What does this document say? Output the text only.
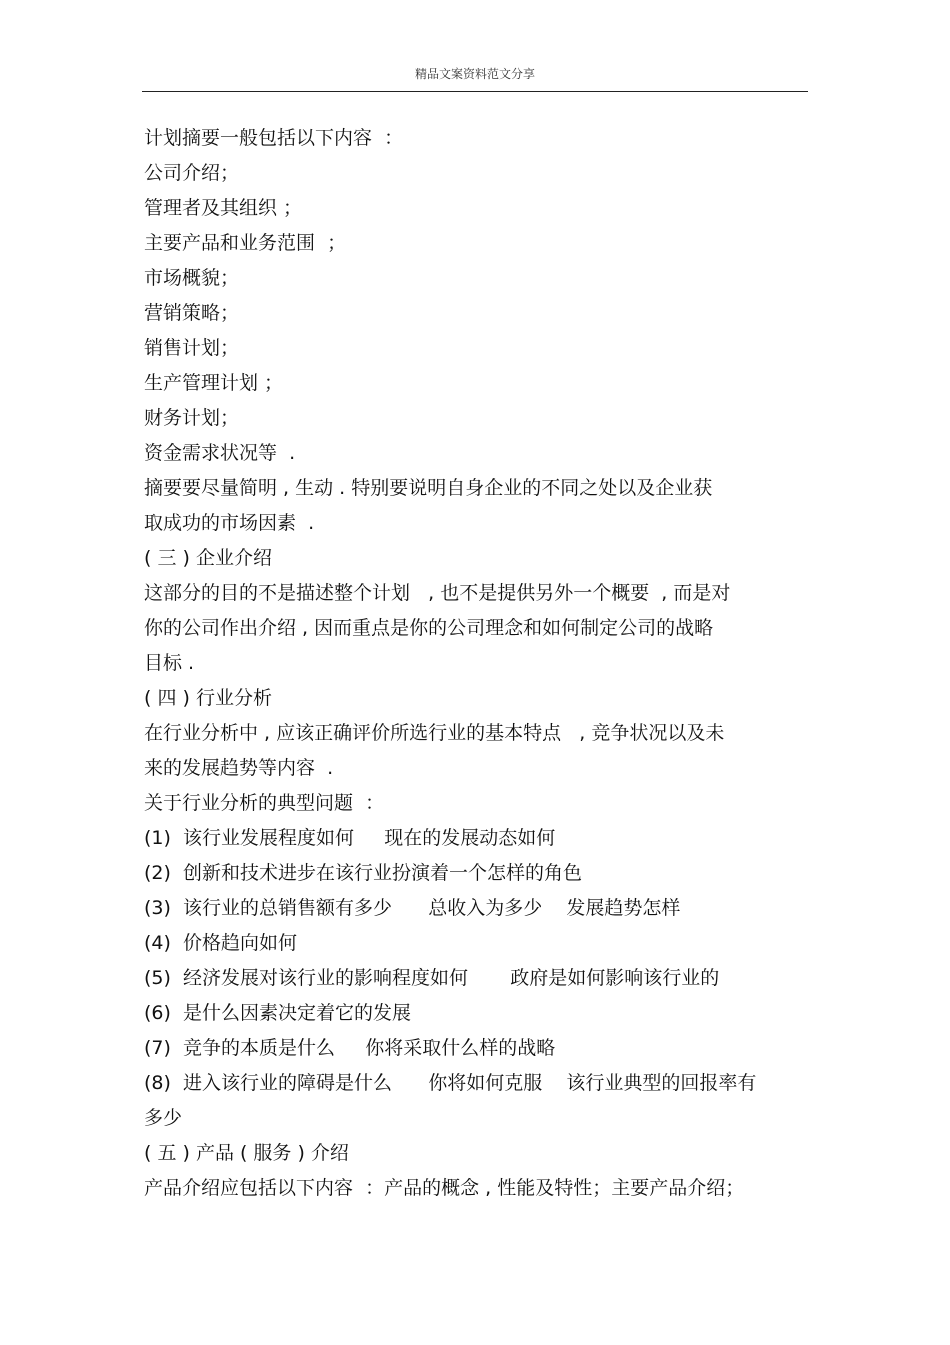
精品文案资料范文分享
计划摘要一般包括以下内容  ：
公司介绍；
管理者及其组织 ；
主要产品和业务范围  ；
市场概貌；
营销策略；
销售计划；
生产管理计划 ；
财务计划；
资金需求状况等  .
摘要要尽量简明 , 生动 . 特别要说明自身企业的不同之处以及企业获
取成功的市场因素  .
( 三 ) 企业介绍
这部分的目的不是描述整个计划   , 也不是提供另外一个概要  , 而是对
你的公司作出介绍 , 因而重点是你的公司理念和如何制定公司的战略
目标 .
( 四 ) 行业分析
在行业分析中 , 应该正确评价所选行业的基本特点   , 竞争状况以及未
来的发展趋势等内容  .
关于行业分析的典型问题  ：
(1)  该行业发展程度如何     现在的发展动态如何
(2)  创新和技术进步在该行业扮演着一个怎样的角色
(3)  该行业的总销售额有多少      总收入为多少    发展趋势怎样
(4)  价格趋向如何
(5)  经济发展对该行业的影响程度如何       政府是如何影响该行业的
(6)  是什么因素决定着它的发展
(7)  竞争的本质是什么     你将采取什么样的战略
(8)  进入该行业的障碍是什么      你将如何克服    该行业典型的回报率有
多少
( 五 ) 产品 ( 服务 ) 介绍
产品介绍应包括以下内容  ：产品的概念 , 性能及特性；主要产品介绍；
